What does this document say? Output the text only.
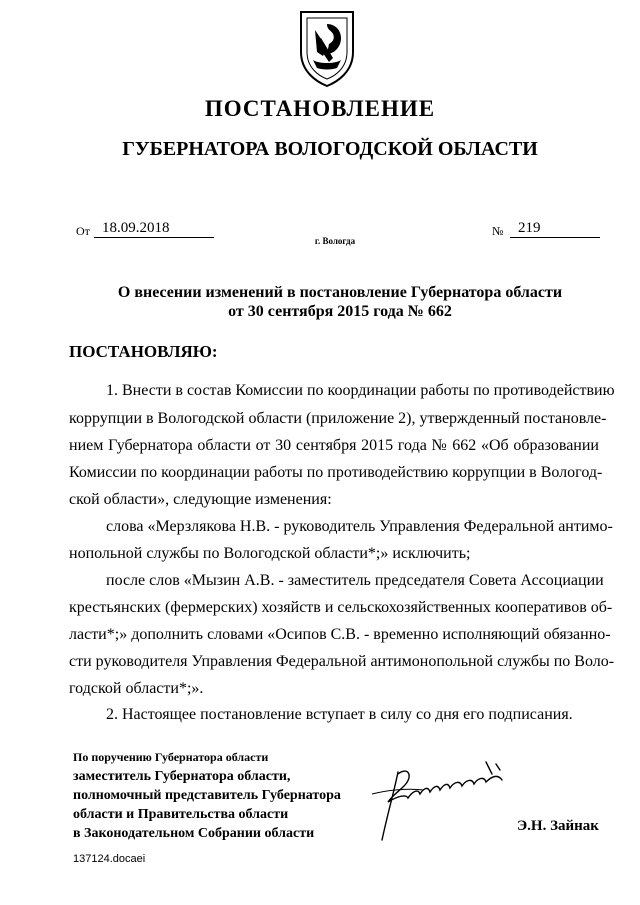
ПОСТАНОВЛЕНИЕ
ГУБЕРНАТОРА ВОЛОГОДСКОЙ ОБЛАСТИ
От 18.09.2018	№ 219
г. Вологда
О внесении изменений в постановление Губернатора области
от 30 сентября 2015 года № 662
ПОСТАНОВЛЯЮ:
1. Внести в состав Комиссии по координации работы по противодействию
коррупции в Вологодской области (приложение 2), утвержденный постановле-
нием Губернатора области от 30 сентября 2015 года № 662 «Об образовании
Комиссии по координации работы по противодействию коррупции в Вологод-
ской области», следующие изменения:
слова «Мерзлякова Н.В. - руководитель Управления Федеральной антимо-
нопольной службы по Вологодской области*;» исключить;
после слов «Мызин А.В. - заместитель председателя Совета Ассоциации
крестьянских (фермерских) хозяйств и сельскохозяйственных кооперативов об-
ласти*;» дополнить словами «Осипов С.В. - временно исполняющий обязанно-
сти руководителя Управления Федеральной антимонопольной службы по Воло-
годской области*;».
2. Настоящее постановление вступает в силу со дня его подписания.
По поручению Губернатора области
заместитель Губернатора области,
полномочный представитель Губернатора
области и Правительства области
в Законодательном Собрании области	Э.Н. Зайнак
137124.docaei
